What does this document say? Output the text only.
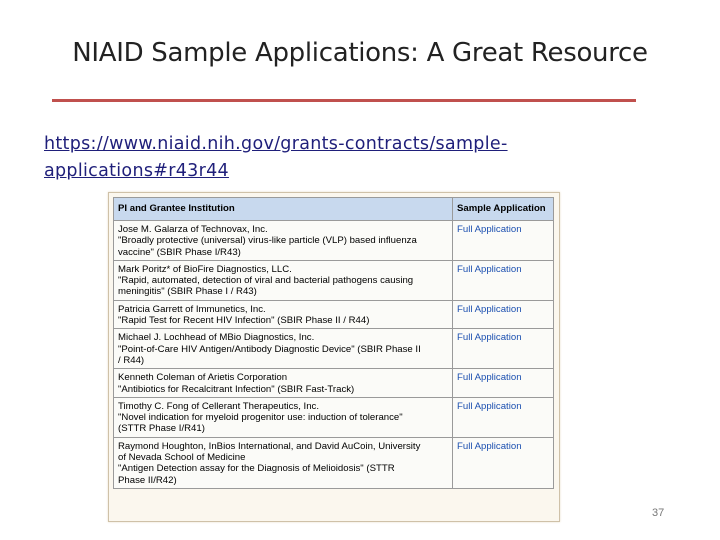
NIAID Sample Applications: A Great Resource
https://www.niaid.nih.gov/grants-contracts/sample-
applications#r43r44
PI and Grantee Institution	Sample Application

Jose M. Galarza of Technovax, Inc.
"Broadly protective (universal) virus-like particle (VLP) based influenza
vaccine" (SBIR Phase I/R43)	Full Application

Mark Poritz* of BioFire Diagnostics, LLC.
"Rapid, automated, detection of viral and bacterial pathogens causing
meningitis" (SBIR Phase I / R43)	Full Application

Patricia Garrett of Immunetics, Inc.
"Rapid Test for Recent HIV Infection" (SBIR Phase II / R44)	Full Application

Michael J. Lochhead of MBio Diagnostics, Inc.
"Point-of-Care HIV Antigen/Antibody Diagnostic Device" (SBIR Phase II
/ R44)	Full Application

Kenneth Coleman of Arietis Corporation
"Antibiotics for Recalcitrant Infection" (SBIR Fast-Track)	Full Application

Timothy C. Fong of Cellerant Therapeutics, Inc.
"Novel indication for myeloid progenitor use: induction of tolerance"
(STTR Phase I/R41)	Full Application

Raymond Houghton, InBios International, and David AuCoin, University
of Nevada School of Medicine
"Antigen Detection assay for the Diagnosis of Melioidosis" (STTR
Phase II/R42)	Full Application
37
